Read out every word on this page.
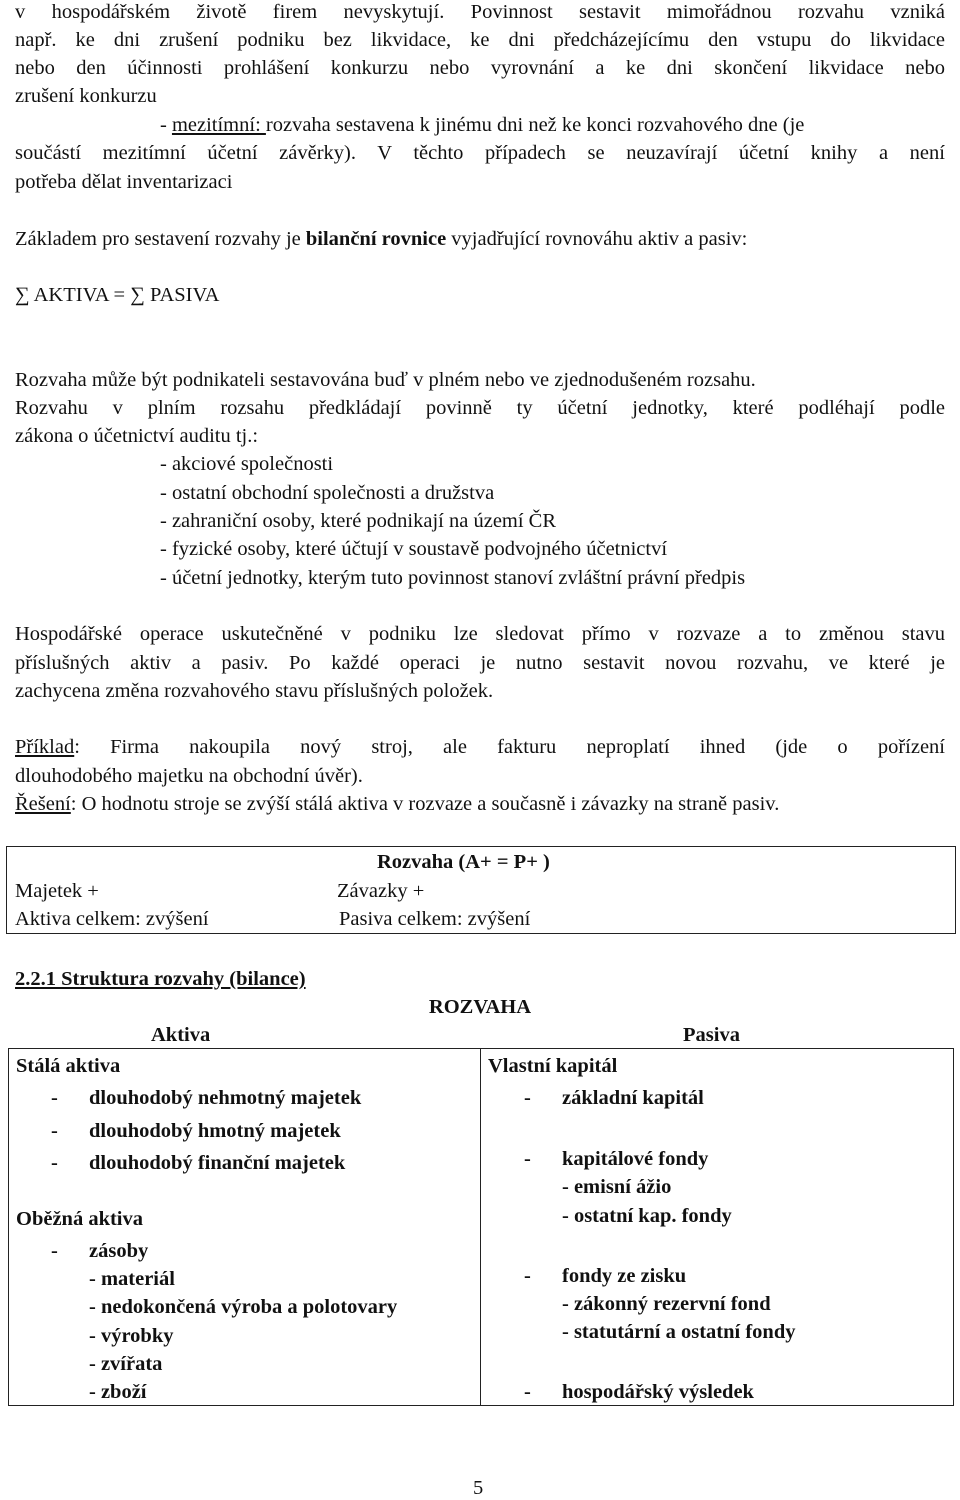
v hospodářském životě firem nevyskytují. Povinnost sestavit mimořádnou rozvahu vzniká
např. ke dni zrušení podniku bez likvidace, ke dni předcházejícímu den vstupu do likvidace
nebo den účinnosti prohlášení konkurzu nebo vyrovnání a ke dni skončení likvidace nebo
zrušení konkurzu
- mezitímní: rozvaha sestavena k jinému dni než ke konci rozvahového dne (je
součástí mezitímní účetní závěrky). V těchto případech se neuzavírají účetní knihy a není
potřeba dělat inventarizaci
Základem pro sestavení rozvahy je bilanční rovnice vyjadřující rovnováhu aktiv a pasiv:
∑ AKTIVA = ∑ PASIVA
Rozvaha může být podnikateli sestavována buď v plném nebo ve zjednodušeném rozsahu.
Rozvahu v plním rozsahu předkládají povinně ty účetní jednotky, které podléhají podle
zákona o účetnictví auditu tj.:
- akciové společnosti
- ostatní obchodní společnosti a družstva
- zahraniční osoby, které podnikají na území ČR
- fyzické osoby, které účtují v soustavě podvojného účetnictví
- účetní jednotky, kterým tuto povinnost stanoví zvláštní právní předpis
Hospodářské operace uskutečněné v podniku lze sledovat přímo v rozvaze a to změnou stavu
příslušných aktiv a pasiv. Po každé operaci je nutno sestavit novou rozvahu, ve které je
zachycena změna rozvahového stavu příslušných položek.
Příklad: Firma nakoupila nový stroj, ale fakturu neproplatí ihned (jde o pořízení
dlouhodobého majetku na obchodní úvěr).
Řešení: O hodnotu stroje se zvýší stálá aktiva v rozvaze a současně i závazky na straně pasiv.
2.2.1 Struktura rozvahy (bilance)
ROZVAHA
Aktiva	Pasiva
5
Rozvaha (A+ = P+ )
Majetek +	Závazky +
Aktiva celkem: zvýšení	Pasiva celkem: zvýšení
Stálá aktiva
- dlouhodobý nehmotný majetek
- dlouhodobý hmotný majetek
- dlouhodobý finanční majetek
Oběžná aktiva
- zásoby
- materiál
- nedokončená výroba a polotovary
- výrobky
- zvířata
- zboží
Vlastní kapitál
- základní kapitál
- kapitálové fondy
- emisní ážio
- ostatní kap. fondy
- fondy ze zisku
- zákonný rezervní fond
- statutární a ostatní fondy
- hospodářský výsledek
